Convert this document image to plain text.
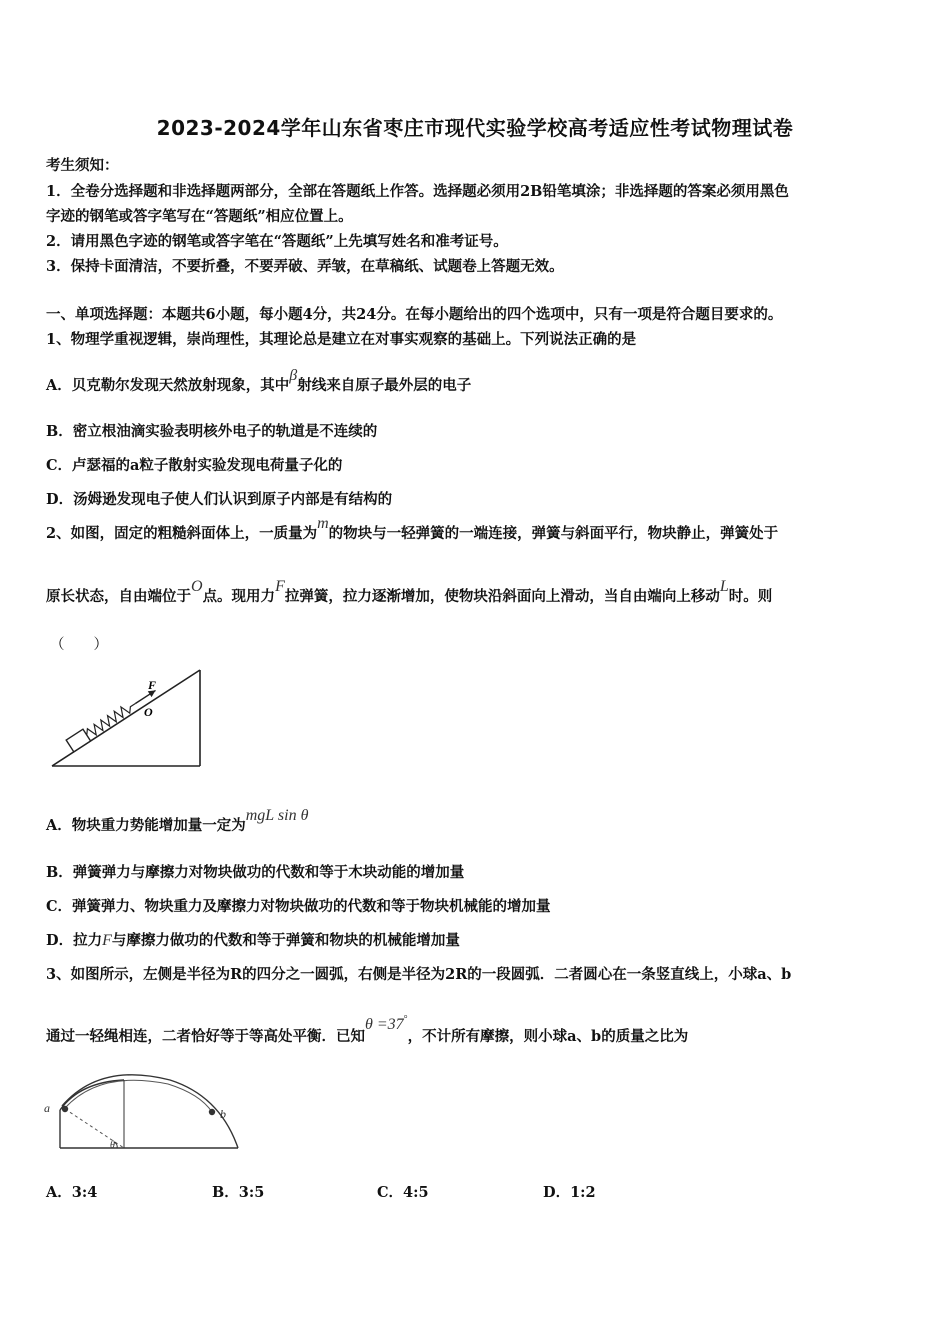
2023-2024学年山东省枣庄市现代实验学校高考适应性考试物理试卷
考生须知：
1．全卷分选择题和非选择题两部分，全部在答题纸上作答。选择题必须用2B铅笔填涂；非选择题的答案必须用黑色
字迹的钢笔或答字笔写在“答题纸”相应位置上。
2．请用黑色字迹的钢笔或答字笔在“答题纸”上先填写姓名和准考证号。
3．保持卡面清洁，不要折叠，不要弄破、弄皱，在草稿纸、试题卷上答题无效。
一、单项选择题：本题共6小题，每小题4分，共24分。在每小题给出的四个选项中，只有一项是符合题目要求的。
1、物理学重视逻辑，崇尚理性，其理论总是建立在对事实观察的基础上。下列说法正确的是
A．贝克勒尔发现天然放射现象，其中β射线来自原子最外层的电子
B．密立根油滴实验表明核外电子的轨道是不连续的
C．卢瑟福的a粒子散射实验发现电荷量子化的
D．汤姆逊发现电子使人们认识到原子内部是有结构的
2、如图，固定的粗糙斜面体上，一质量为m的物块与一轻弹簧的一端连接，弹簧与斜面平行，物块静止，弹簧处于
原长状态，自由端位于O点。现用力F拉弹簧，拉力逐渐增加，使物块沿斜面向上滑动，当自由端向上移动L时。则
（　　）
F
O
A．物块重力势能增加量一定为mgL sin θ
B．弹簧弹力与摩擦力对物块做功的代数和等于木块动能的增加量
C．弹簧弹力、物块重力及摩擦力对物块做功的代数和等于物块机械能的增加量
D．拉力F与摩擦力做功的代数和等于弹簧和物块的机械能增加量
3、如图所示，左侧是半径为R的四分之一圆弧，右侧是半径为2R的一段圆弧．二者圆心在一条竖直线上，小球a、b
通过一轻绳相连，二者恰好等于等高处平衡．已知θ =37°，不计所有摩擦，则小球a、b的质量之比为
a	b
θ
A．3:4	B．3:5	C．4:5	D．1:2
